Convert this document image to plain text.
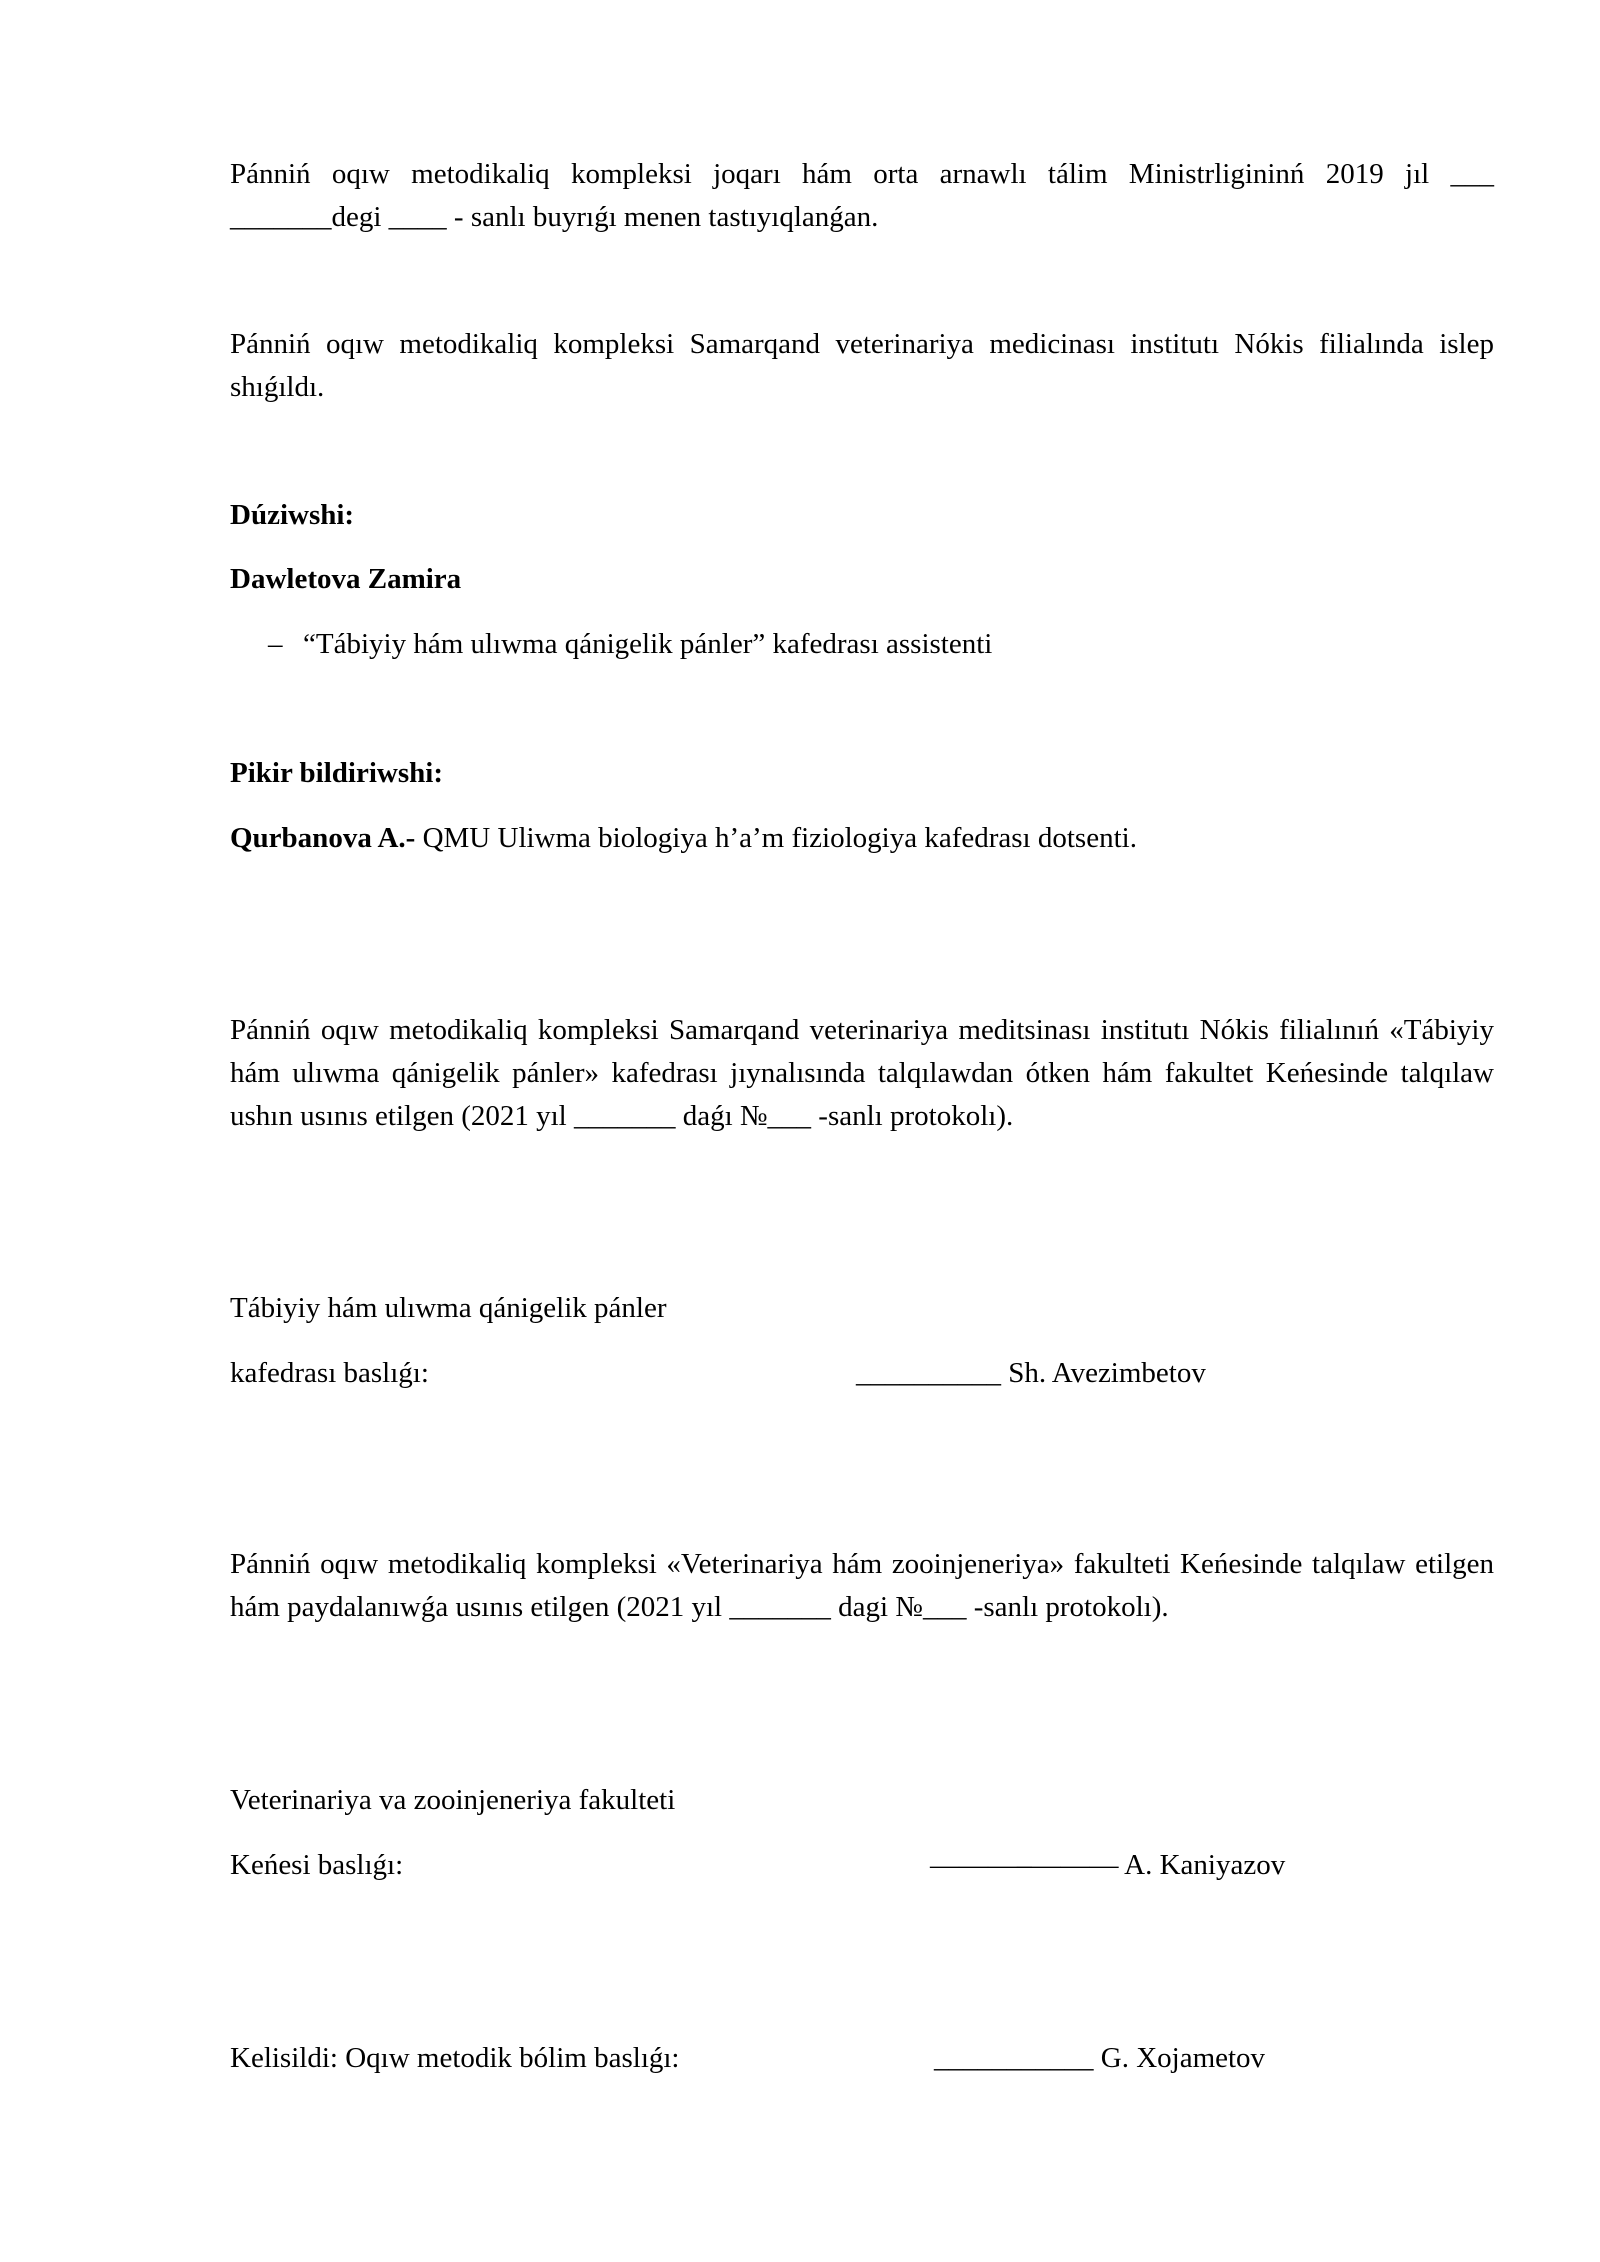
Pánniń oqıw metodikaliq kompleksi joqarı hám orta arnawlı tálim Ministrligininń 2019 jıl ___
_______degi ____ - sanlı buyrıǵı menen tastıyıqlanǵan.
Pánniń oqıw metodikaliq kompleksi Samarqand veterinariya medicinası institutı Nókis filialında islep shıǵıldı.
Dúziwshi:
Dawletova Zamira
– “Tábiyiy hám ulıwma qánigelik pánler” kafedrası assistenti
Pikir bildiriwshi:
Qurbanova A.- QMU Uliwma biologiya h’a’m fiziologiya kafedrası dotsenti.
Pánniń oqıw metodikaliq kompleksi Samarqand veterinariya meditsinası institutı Nókis filialınıń «Tábiyiy hám ulıwma qánigelik pánler» kafedrası jıynalısında talqılawdan ótken hám fakultet Keńesinde talqılaw ushın usınıs etilgen (2021 yıl _______ daǵı №___ -sanlı protokolı).
Tábiyiy hám ulıwma qánigelik pánler
kafedrası baslıǵı:	__________ Sh. Avezimbetov
Pánniń oqıw metodikaliq kompleksi «Veterinariya hám zooinjeneriya» fakulteti Keńesinde talqılaw etilgen hám paydalanıwǵa usınıs etilgen (2021 yıl _______ dagi №___ -sanlı protokolı).
Veterinariya va zooinjeneriya fakulteti
Keńesi baslıǵı:	———–——— A. Kaniyazov
Kelisildi: Oqıw metodik bólim baslıǵı:	___________ G. Xojametov
